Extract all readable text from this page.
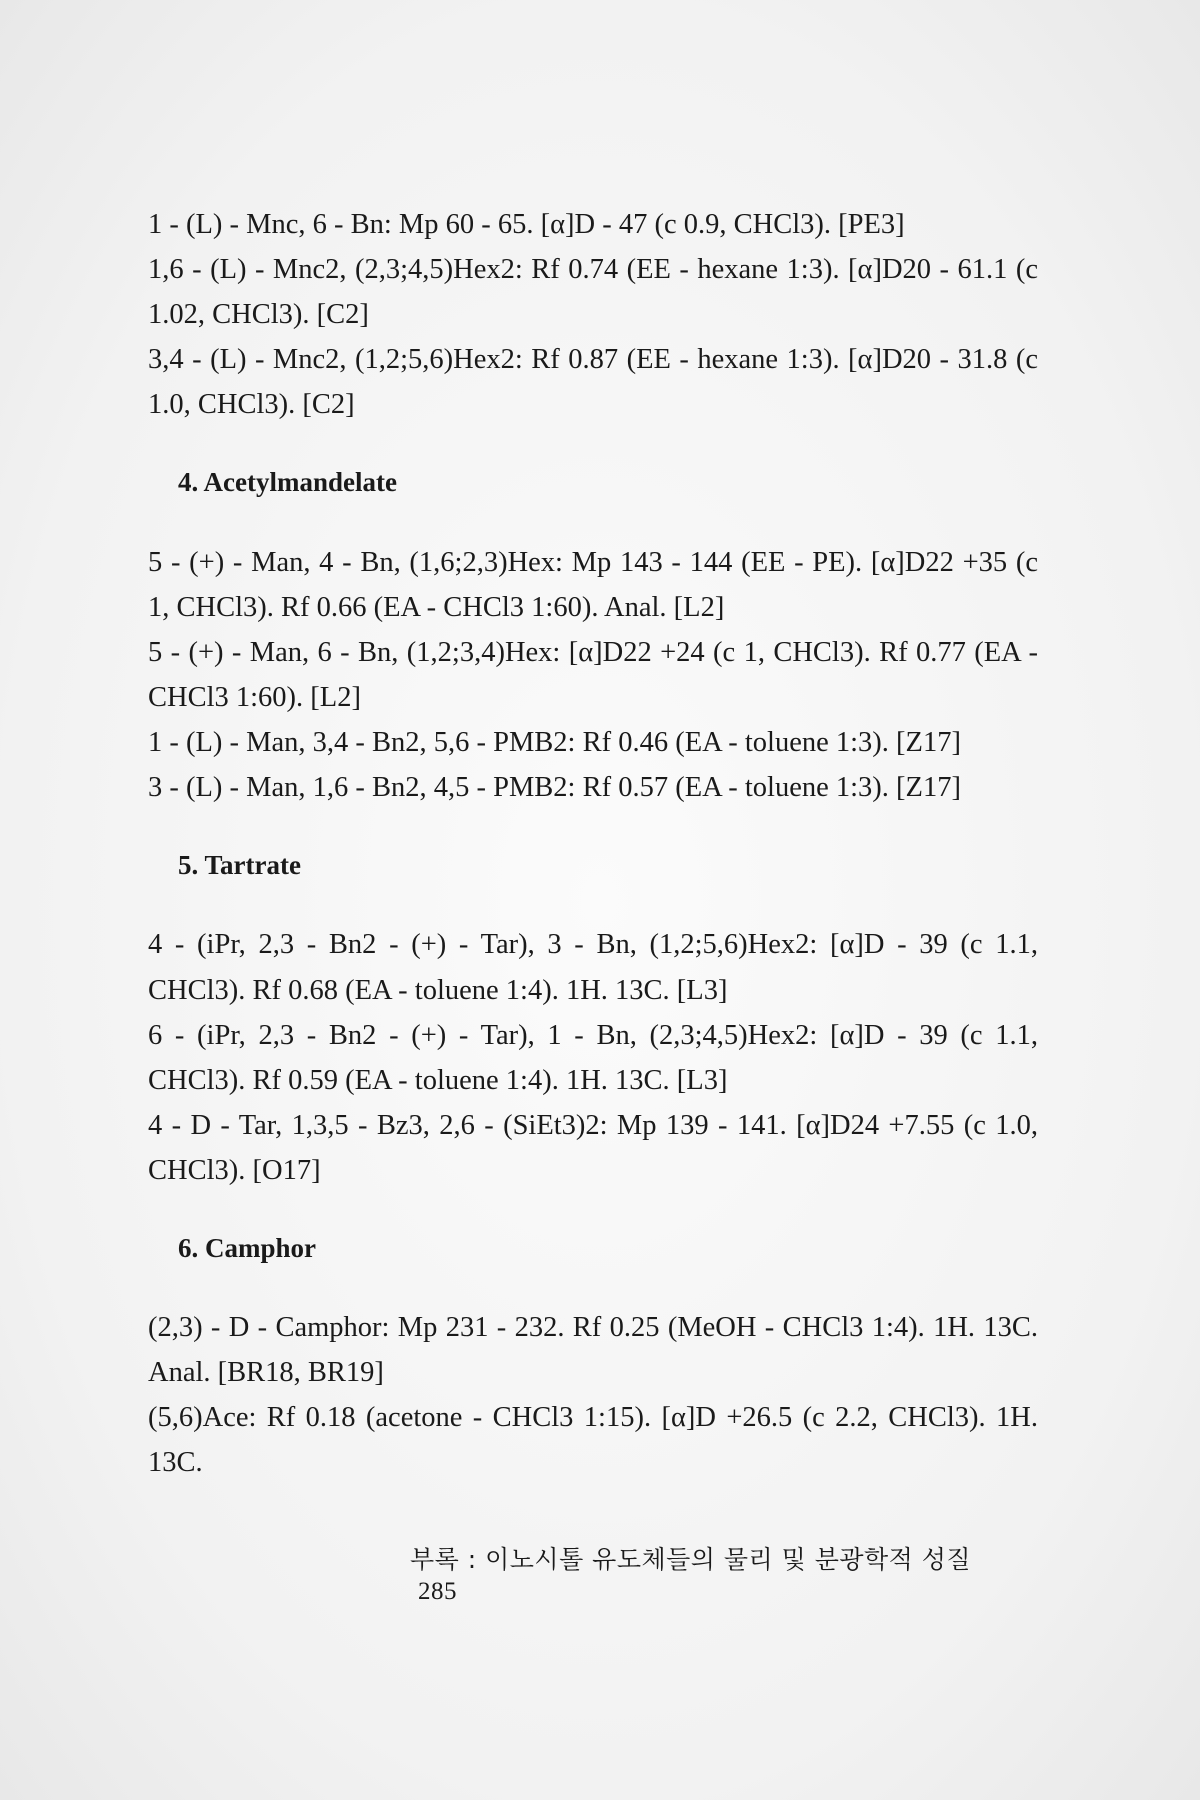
1 - (L) - Mnc, 6 - Bn: Mp 60 - 65. [α]D - 47 (c 0.9, CHCl3). [PE3]

1,6 - (L) - Mnc2, (2,3;4,5)Hex2: Rf 0.74 (EE - hexane 1:3). [α]D20 - 61.1 (c 1.02, CHCl3). [C2]

3,4 - (L) - Mnc2, (1,2;5,6)Hex2: Rf 0.87 (EE - hexane 1:3). [α]D20 - 31.8 (c 1.0, CHCl3). [C2]

4. Acetylmandelate

5 - (+) - Man, 4 - Bn, (1,6;2,3)Hex: Mp 143 - 144 (EE - PE). [α]D22 +35 (c 1, CHCl3). Rf 0.66 (EA - CHCl3 1:60). Anal. [L2]

5 - (+) - Man, 6 - Bn, (1,2;3,4)Hex: [α]D22 +24 (c 1, CHCl3). Rf 0.77 (EA - CHCl3 1:60). [L2]

1 - (L) - Man, 3,4 - Bn2, 5,6 - PMB2: Rf 0.46 (EA - toluene 1:3). [Z17]

3 - (L) - Man, 1,6 - Bn2, 4,5 - PMB2: Rf 0.57 (EA - toluene 1:3). [Z17]

5. Tartrate

4 - (iPr, 2,3 - Bn2 - (+) - Tar), 3 - Bn, (1,2;5,6)Hex2: [α]D - 39 (c 1.1, CHCl3). Rf 0.68 (EA - toluene 1:4). 1H. 13C. [L3]

6 - (iPr, 2,3 - Bn2 - (+) - Tar), 1 - Bn, (2,3;4,5)Hex2: [α]D - 39 (c 1.1, CHCl3). Rf 0.59 (EA - toluene 1:4). 1H. 13C. [L3]

4 - D - Tar, 1,3,5 - Bz3, 2,6 - (SiEt3)2: Mp 139 - 141. [α]D24 +7.55 (c 1.0, CHCl3). [O17]

6. Camphor

(2,3) - D - Camphor: Mp 231 - 232. Rf 0.25 (MeOH - CHCl3 1:4). 1H. 13C. Anal. [BR18, BR19]

(5,6)Ace: Rf 0.18 (acetone - CHCl3 1:15). [α]D +26.5 (c 2.2, CHCl3). 1H. 13C.

부록 : 이노시톨 유도체들의 물리 및 분광학적 성질 285
